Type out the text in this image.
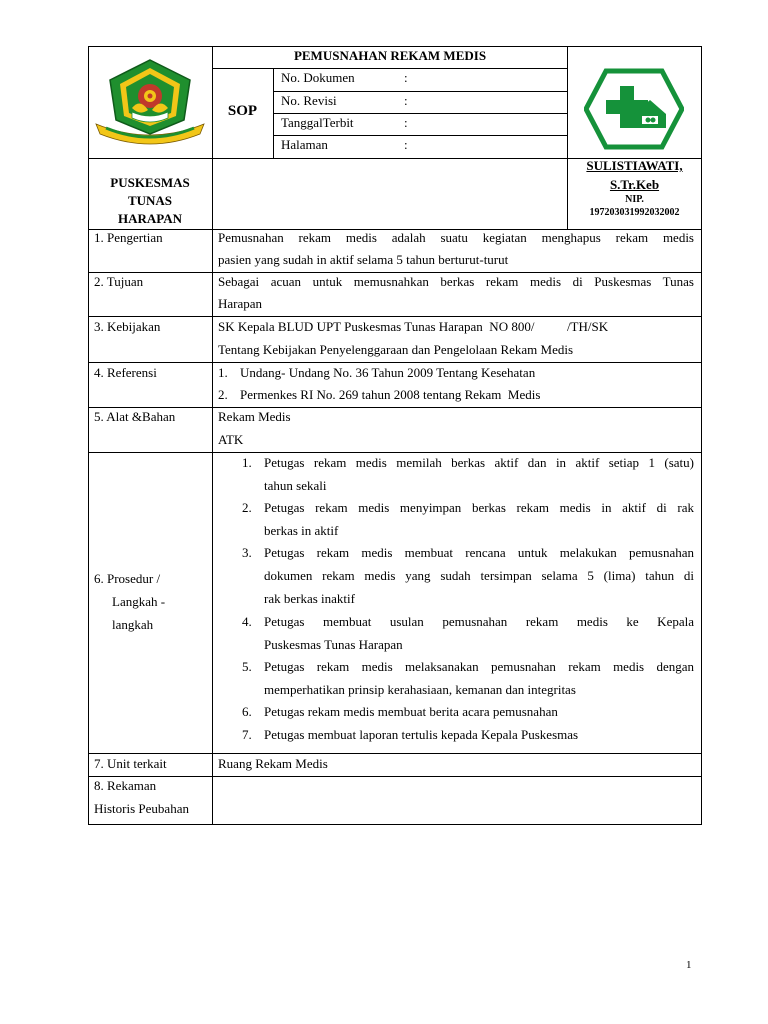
PEMUSNAHAN REKAM MEDIS
SOP
No. Dokumen	:
No. Revisi	:
TanggalTerbit	:
Halaman	:
PUSKESMAS
TUNAS
HARAPAN
SULISTIAWATI,
S.Tr.Keb
NIP.
197203031992032002
1. Pengertian	Pemusnahan rekam medis adalah suatu kegiatan menghapus rekam medis
pasien yang sudah in aktif selama 5 tahun berturut-turut
2. Tujuan	Sebagai acuan untuk memusnahkan berkas rekam medis di Puskesmas Tunas
Harapan
3. Kebijakan	SK Kepala BLUD UPT Puskesmas Tunas Harapan  NO 800/          /TH/SK
Tentang Kebijakan Penyelenggaraan dan Pengelolaan Rekam Medis
4. Referensi	1. Undang- Undang No. 36 Tahun 2009 Tentang Kesehatan
2. Permenkes RI No. 269 tahun 2008 tentang Rekam  Medis
5. Alat &Bahan	Rekam Medis
ATK
6. Prosedur /
Langkah -
langkah
1. Petugas rekam medis memilah berkas aktif dan in aktif setiap 1 (satu)
tahun sekali
2. Petugas rekam medis menyimpan berkas rekam medis in aktif di rak
berkas in aktif
3. Petugas rekam medis membuat rencana untuk melakukan pemusnahan
dokumen rekam medis yang sudah tersimpan selama 5 (lima) tahun di
rak berkas inaktif
4. Petugas membuat usulan pemusnahan rekam medis ke Kepala
Puskesmas Tunas Harapan
5. Petugas rekam medis melaksanakan pemusnahan rekam medis dengan
memperhatikan prinsip kerahasiaan, kemanan dan integritas
6. Petugas rekam medis membuat berita acara pemusnahan
7. Petugas membuat laporan tertulis kepada Kepala Puskesmas
7. Unit terkait	Ruang Rekam Medis
8. Rekaman
Historis Peubahan
1
